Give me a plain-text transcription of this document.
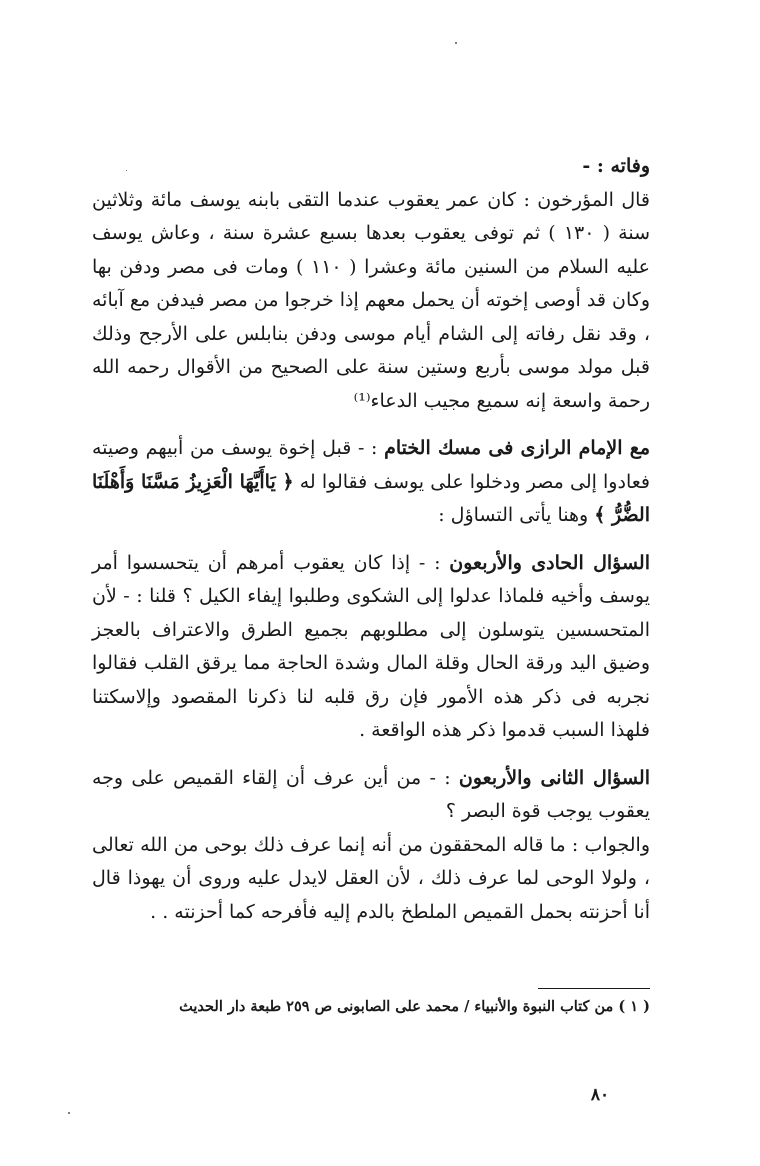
وفاته : -

قال المؤرخون : كان عمر يعقوب عندما التقى بابنه يوسف مائة وثلاثين سنة ( ١٣٠ ) ثم توفى يعقوب بعدها بسبع عشرة سنة ، وعاش يوسف عليه السلام من السنين مائة وعشرا ( ١١٠ ) ومات فى مصر ودفن بها وكان قد أوصى إخوته أن يحمل معهم إذا خرجوا من مصر فيدفن مع آبائه ، وقد نقل رفاته إلى الشام أيام موسى ودفن بنابلس على الأرجح وذلك قبل مولد موسى بأربع وستين سنة على الصحيح من الأقوال رحمه الله رحمة واسعة إنه سميع مجيب الدعاء⁽¹⁾

مع الإمام الرازى فى مسك الختام : - قبل إخوة يوسف من أبيهم وصيته فعادوا إلى مصر ودخلوا على يوسف فقالوا له ﴿ يَاأَيَّهَا الْعَزِيزُ مَسَّنَا وَأَهْلَنَا الضُّرُّ ﴾ وهنا يأتى التساؤل :

السؤال الحادى والأربعون : - إذا كان يعقوب أمرهم أن يتحسسوا أمر يوسف وأخيه فلماذا عدلوا إلى الشكوى وطلبوا إيفاء الكيل ؟ قلنا : - لأن المتحسسين يتوسلون إلى مطلوبهم بجميع الطرق والاعتراف بالعجز وضيق اليد ورقة الحال وقلة المال وشدة الحاجة مما يرقق القلب فقالوا نجربه فى ذكر هذه الأمور فإن رق قلبه لنا ذكرنا المقصود وإلاسكتنا فلهذا السبب قدموا ذكر هذه الواقعة .

السؤال الثانى والأربعون : - من أين عرف أن إلقاء القميص على وجه يعقوب يوجب قوة البصر ؟

والجواب : ما قاله المحققون من أنه إنما عرف ذلك بوحى من الله تعالى ، ولولا الوحى لما عرف ذلك ، لأن العقل لايدل عليه وروى أن يهوذا قال أنا أحزنته بحمل القميص الملطخ بالدم إليه فأفرحه كما أحزنته . .

( ١ ) من كتاب النبوة والأنبياء / محمد على الصابونى ص ٢٥٩ طبعة دار الحديث
٨٠
